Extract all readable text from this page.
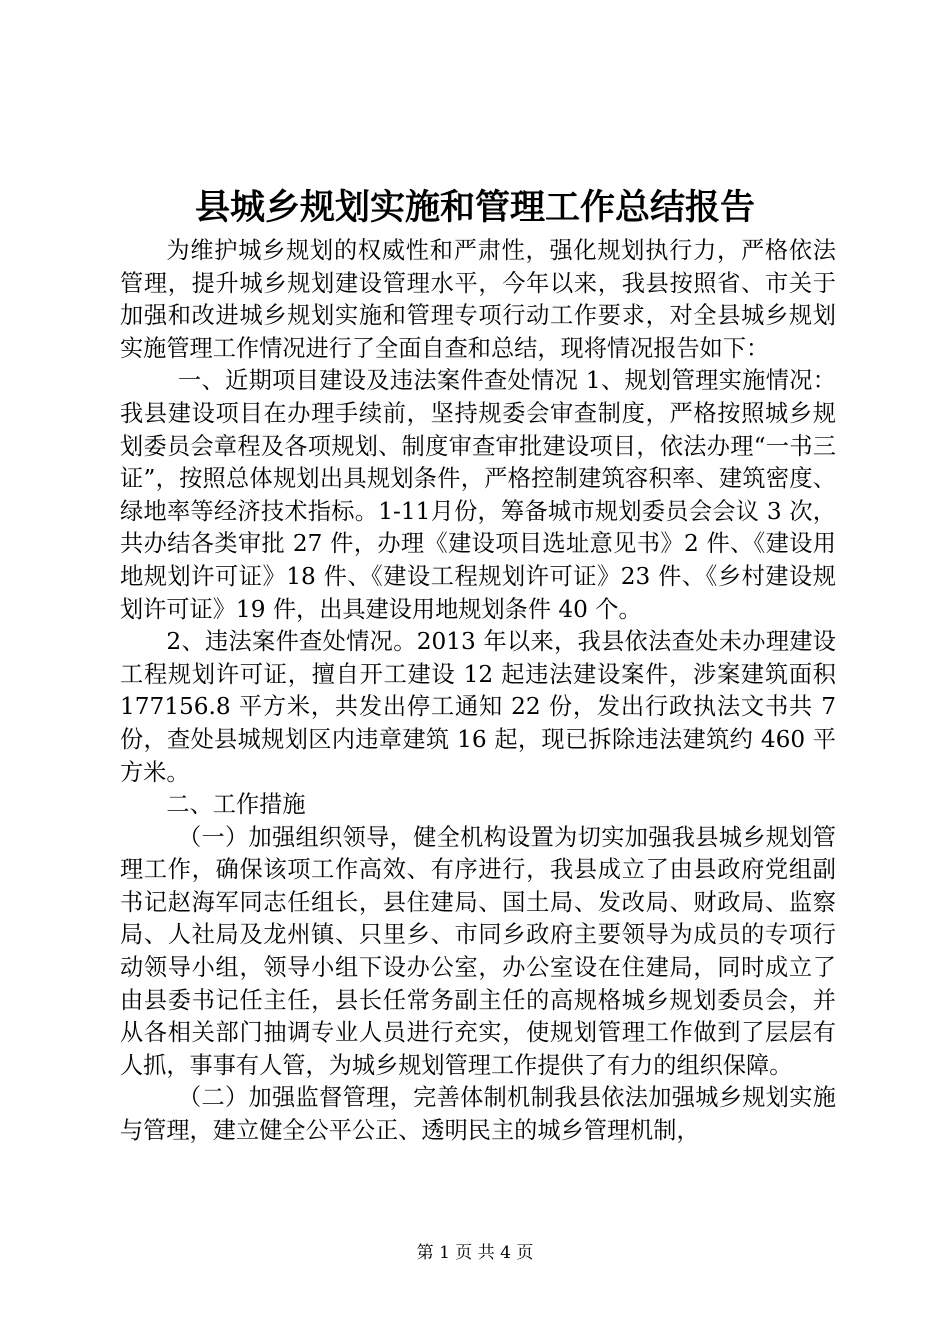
县城乡规划实施和管理工作总结报告

为维护城乡规划的权威性和严肃性，强化规划执行力，严格依法管理，提升城乡规划建设管理水平，今年以来，我县按照省、市关于加强和改进城乡规划实施和管理专项行动工作要求，对全县城乡规划实施管理工作情况进行了全面自查和总结，现将情况报告如下：

一、近期项目建设及违法案件查处情况 1、规划管理实施情况：我县建设项目在办理手续前，坚持规委会审查制度，严格按照城乡规划委员会章程及各项规划、制度审查审批建设项目，依法办理“一书三证”，按照总体规划出具规划条件，严格控制建筑容积率、建筑密度、绿地率等经济技术指标。1-11月份，筹备城市规划委员会会议 3 次，共办结各类审批 27 件，办理《建设项目选址意见书》2 件、《建设用地规划许可证》18 件、《建设工程规划许可证》23 件、《乡村建设规划许可证》19 件，出具建设用地规划条件 40 个。

2、违法案件查处情况。2013 年以来，我县依法查处未办理建设工程规划许可证，擅自开工建设 12 起违法建设案件，涉案建筑面积 177156.8 平方米，共发出停工通知 22 份，发出行政执法文书共 7 份，查处县城规划区内违章建筑 16 起，现已拆除违法建筑约 460 平方米。

二、工作措施

（一）加强组织领导，健全机构设置为切实加强我县城乡规划管理工作，确保该项工作高效、有序进行，我县成立了由县政府党组副书记赵海军同志任组长，县住建局、国土局、发改局、财政局、监察局、人社局及龙州镇、只里乡、市同乡政府主要领导为成员的专项行动领导小组，领导小组下设办公室，办公室设在住建局，同时成立了由县委书记任主任，县长任常务副主任的高规格城乡规划委员会，并从各相关部门抽调专业人员进行充实，使规划管理工作做到了层层有人抓，事事有人管，为城乡规划管理工作提供了有力的组织保障。

（二）加强监督管理，完善体制机制我县依法加强城乡规划实施与管理，建立健全公平公正、透明民主的城乡管理机制，

第 1 页 共 4 页
